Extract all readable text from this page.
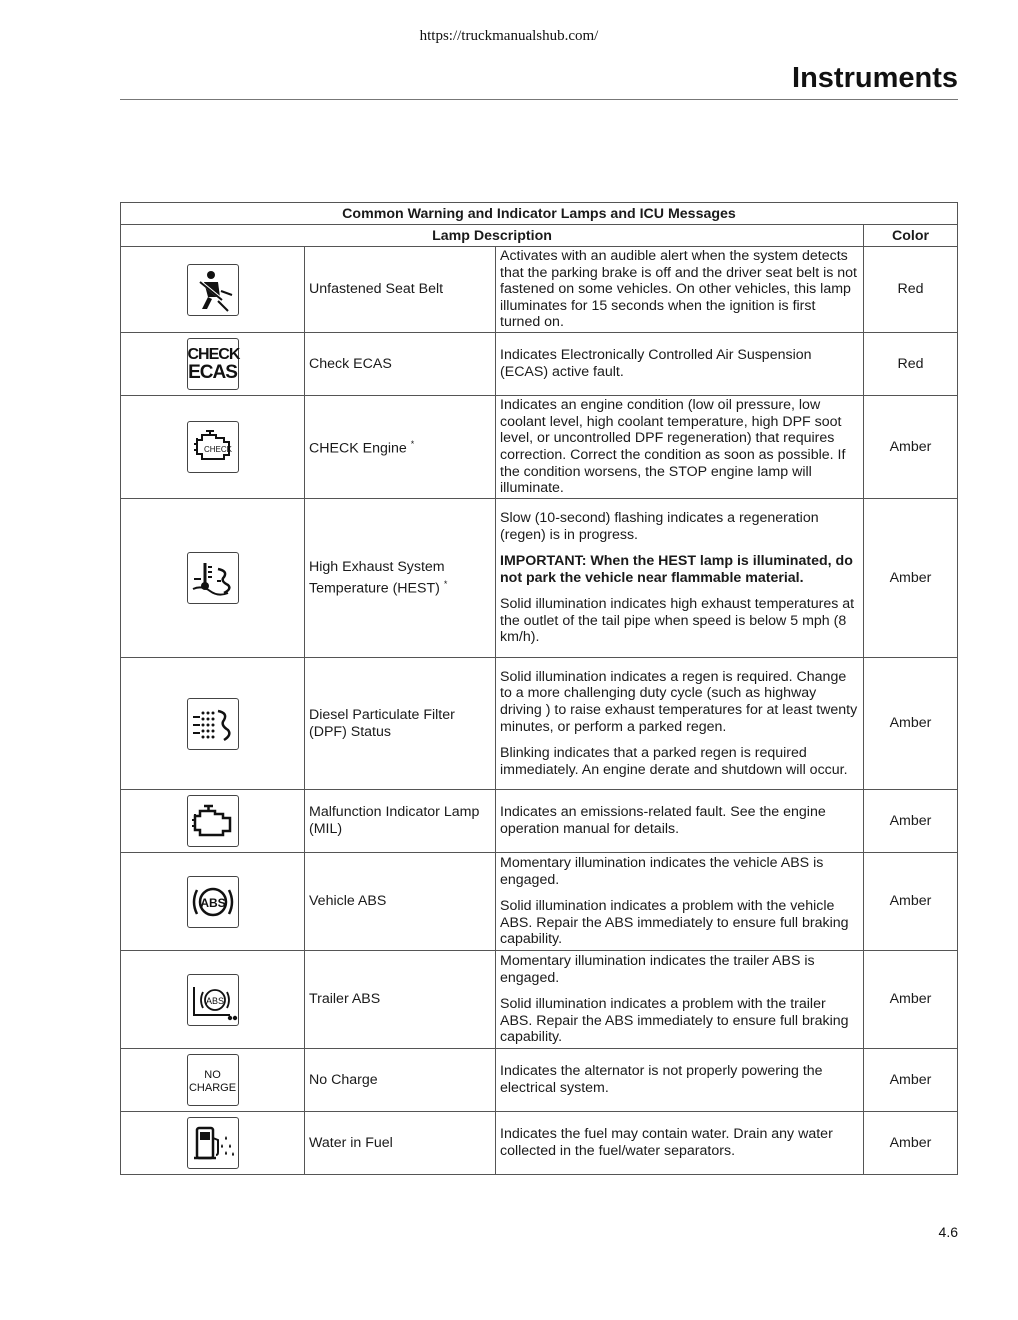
https://truckmanualshub.com/
Instruments
Common Warning and Indicator Lamps and ICU Messages			
Lamp Description			Color

	Unfastened Seat Belt	Activates with an audible alert when the system detects that the parking brake is off and the driver seat belt is not fastened on some vehicles. On other vehicles, this lamp illuminates for 15 seconds when the ignition is first turned on.	Red

CHECK
ECAS	Check ECAS	Indicates Electronically Controlled Air Suspension (ECAS) active fault.	Red

CHECK	CHECK Engine *	Indicates an engine condition (low oil pressure, low coolant level, high coolant temperature, high DPF soot level, or uncontrolled DPF regeneration) that requires correction. Correct the condition as soon as possible. If the condition worsens, the STOP engine lamp will illuminate.	Amber

	High Exhaust System Temperature (HEST) *	Slow (10-second) flashing indicates a regeneration (regen) is in progress.

IMPORTANT: When the HEST lamp is illuminated, do not park the vehicle near flammable material.

Solid illumination indicates high exhaust temperatures at the outlet of the tail pipe when speed is below 5 mph (8 km/h).	Amber

	Diesel Particulate Filter (DPF) Status	Solid illumination indicates a regen is required. Change to a more challenging duty cycle (such as highway driving ) to raise exhaust temperatures for at least twenty minutes, or perform a parked regen.

Blinking indicates that a parked regen is required immediately. An engine derate and shutdown will occur.	Amber

	Malfunction Indicator Lamp (MIL)	Indicates an emissions-related fault. See the engine operation manual for details.	Amber

ABS	Vehicle ABS	Momentary illumination indicates the vehicle ABS is engaged.

Solid illumination indicates a problem with the vehicle ABS. Repair the ABS immediately to ensure full braking capability.	Amber

ABS	Trailer ABS	Momentary illumination indicates the trailer ABS is engaged.

Solid illumination indicates a problem with the trailer ABS. Repair the ABS immediately to ensure full braking capability.	Amber

NO
CHARGE	No Charge	Indicates the alternator is not properly powering the electrical system.	Amber

	Water in Fuel	Indicates the fuel may contain water. Drain any water collected in the fuel/water separators.	Amber
4.6
